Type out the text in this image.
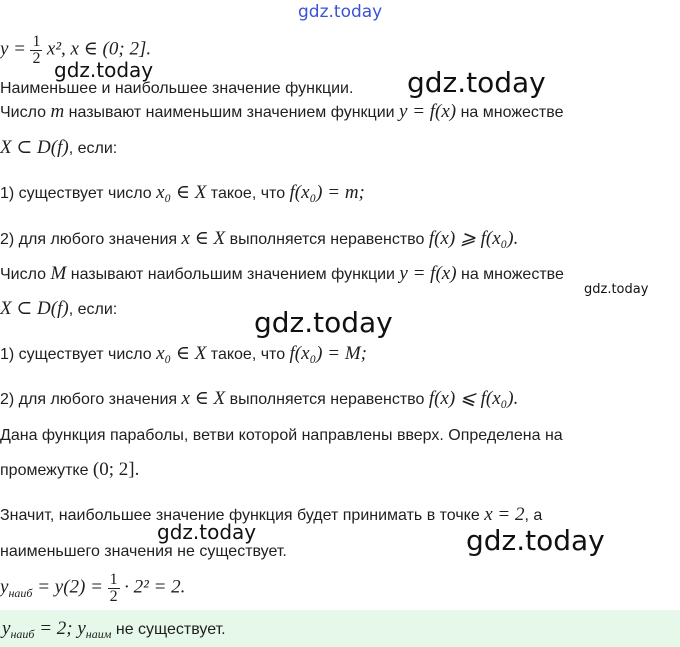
gdz.today
gdz.today	gdz.today
gdz.today
gdz.today
gdz.today	gdz.today
$y = \frac{1}{2} x^2$, x ∈ (0; 2].
Наименьшее и наибольшее значение функции.
Число m называют наименьшим значением функции y = f(x) на множестве
X ⊂ D(f), если:
1) существует число x₀ ∈ X такое, что f(x₀) = m;
2) для любого значения x ∈ X выполняется неравенство f(x) ⩾ f(x₀).
Число M называют наибольшим значением функции y = f(x) на множестве
X ⊂ D(f), если:
1) существует число x₀ ∈ X такое, что f(x₀) = M;
2) для любого значения x ∈ X выполняется неравенство f(x) ⩽ f(x₀).
Дана функция параболы, ветви которой направлены вверх. Определена на
промежутке (0; 2].
Значит, наибольшее значение функция будет принимать в точке x = 2, а
наименьшего значения не существует.
$y_{наиб} = y(2) = \frac{1}{2} \cdot 2^2 = 2$.
$y_{наиб} = 2$; $y_{наим}$ не существует.
